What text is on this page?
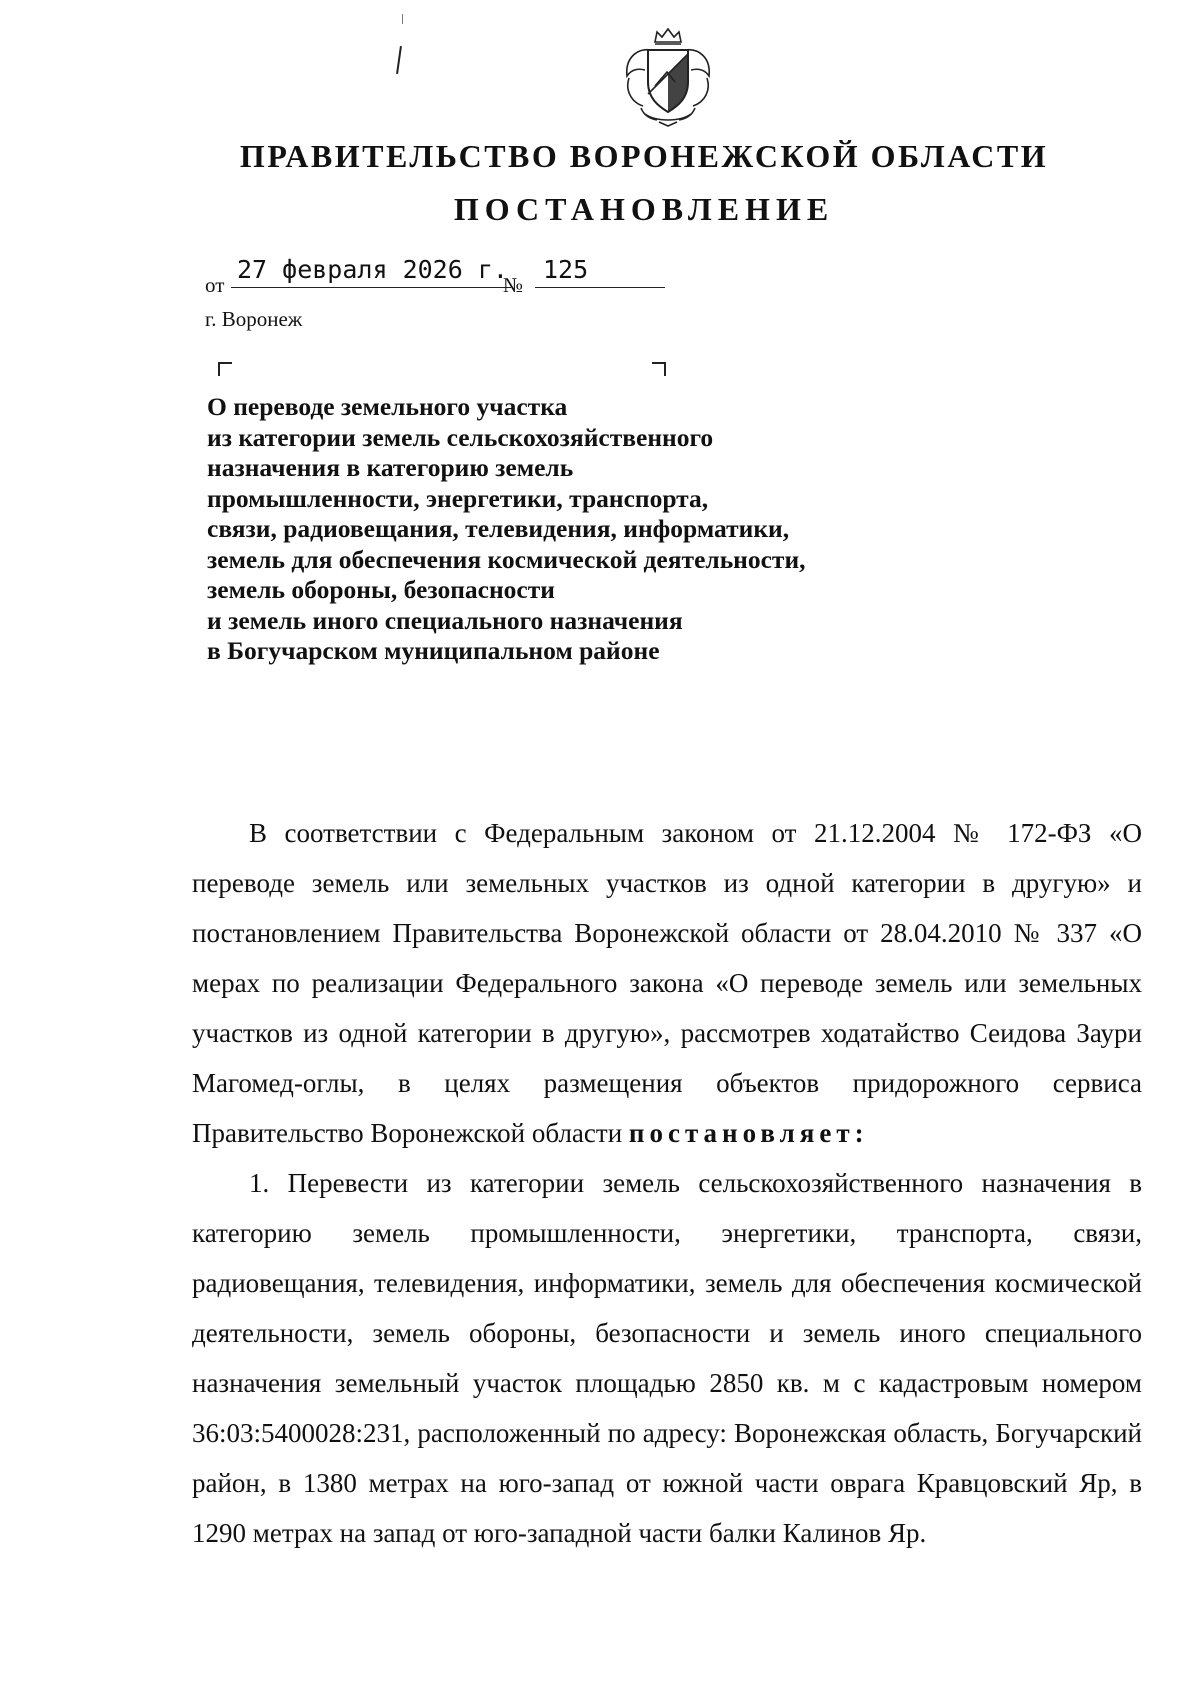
ПРАВИТЕЛЬСТВО ВОРОНЕЖСКОЙ ОБЛАСТИ
ПОСТАНОВЛЕНИЕ
от
27 февраля 2026 г.
№
125
г. Воронеж
О переводе земельного участка
из категории земель сельскохозяйственного
назначения в категорию земель
промышленности, энергетики, транспорта,
связи, радиовещания, телевидения, информатики,
земель для обеспечения космической деятельности,
земель обороны, безопасности
и земель иного специального назначения
в Богучарском муниципальном районе

В соответствии с Федеральным законом от 21.12.2004 № 172-ФЗ «О переводе земель или земельных участков из одной категории в другую» и постановлением Правительства Воронежской области от 28.04.2010 № 337 «О мерах по реализации Федерального закона «О переводе земель или земельных участков из одной категории в другую», рассмотрев ходатайство Сеидова Заури Магомед-оглы, в целях размещения объектов придорожного сервиса Правительство Воронежской области постановляет:

1. Перевести из категории земель сельскохозяйственного назначения в категорию земель промышленности, энергетики, транспорта, связи, радиовещания, телевидения, информатики, земель для обеспечения космической деятельности, земель обороны, безопасности и земель иного специального назначения земельный участок площадью 2850 кв. м с кадастровым номером 36:03:5400028:231, расположенный по адресу: Воронежская область, Богучарский район, в 1380 метрах на юго-запад от южной части оврага Кравцовский Яр, в 1290 метрах на запад от юго-западной части балки Калинов Яр.
